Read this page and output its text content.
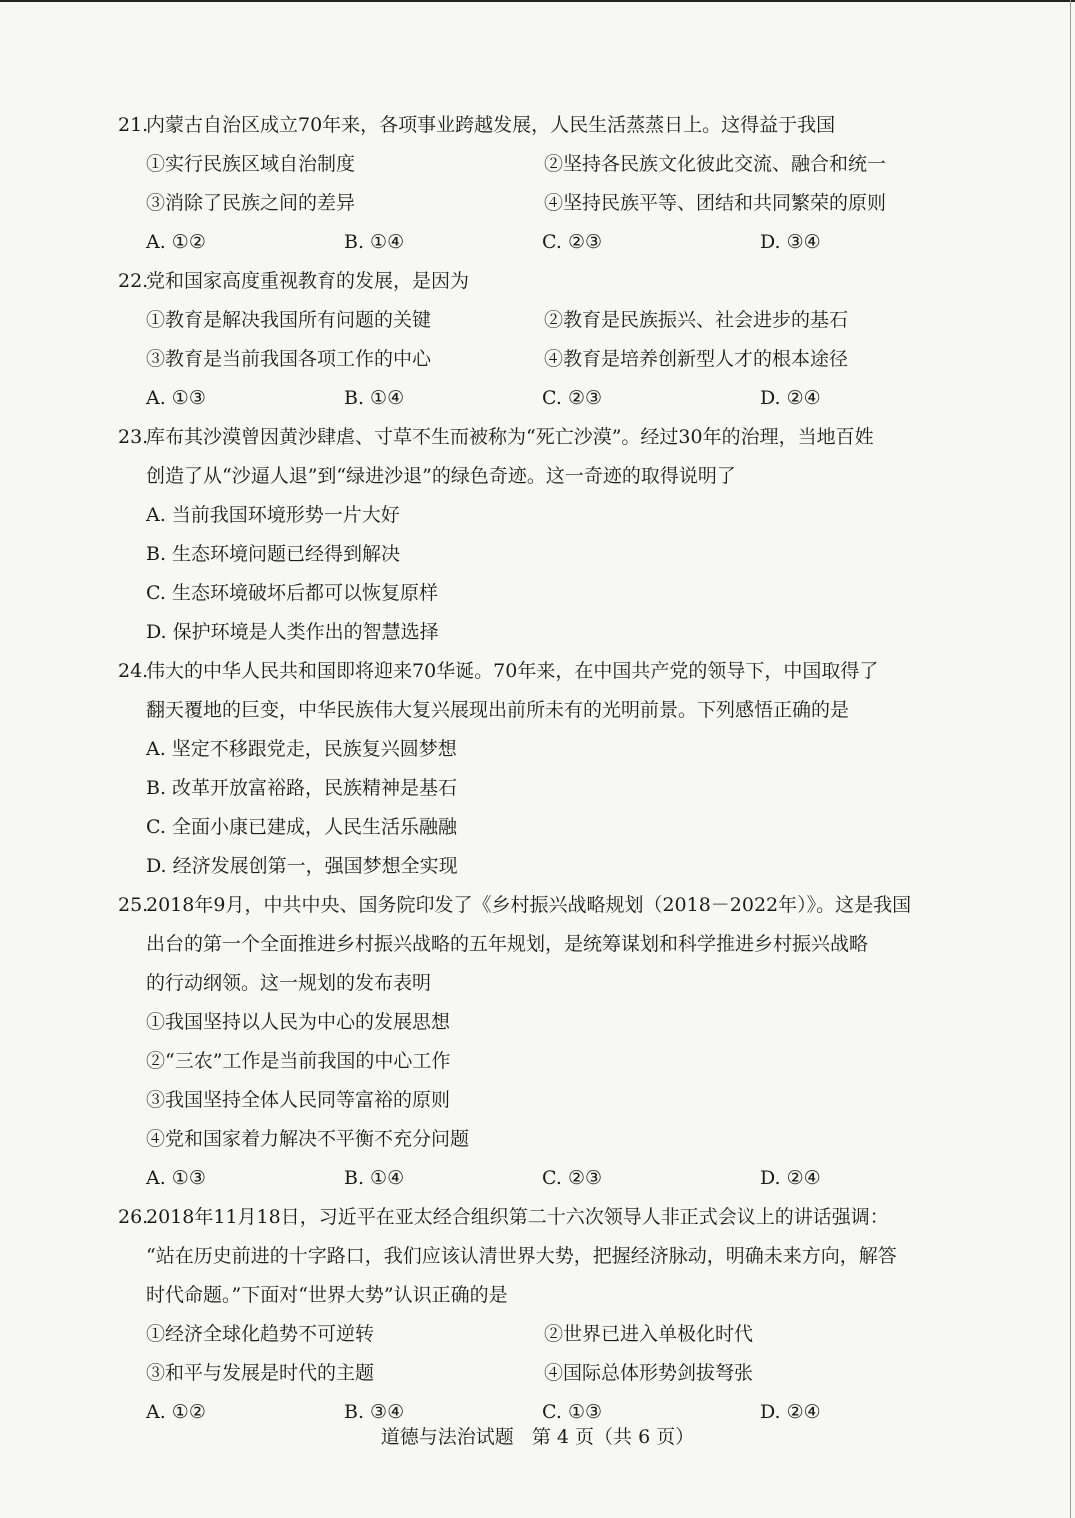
21.
内蒙古自治区成立70年来，各项事业跨越发展，人民生活蒸蒸日上。这得益于我国
①实行民族区域自治制度	②坚持各民族文化彼此交流、融合和统一
③消除了民族之间的差异	④坚持民族平等、团结和共同繁荣的原则
A. ①②	B. ①④	C. ②③	D. ③④
22.
党和国家高度重视教育的发展，是因为
①教育是解决我国所有问题的关键	②教育是民族振兴、社会进步的基石
③教育是当前我国各项工作的中心	④教育是培养创新型人才的根本途径
A. ①③	B. ①④	C. ②③	D. ②④
23.
库布其沙漠曾因黄沙肆虐、寸草不生而被称为“死亡沙漠”。经过30年的治理，当地百姓
创造了从“沙逼人退”到“绿进沙退”的绿色奇迹。这一奇迹的取得说明了
A. 当前我国环境形势一片大好
B. 生态环境问题已经得到解决
C. 生态环境破坏后都可以恢复原样
D. 保护环境是人类作出的智慧选择
24.
伟大的中华人民共和国即将迎来70华诞。70年来，在中国共产党的领导下，中国取得了
翻天覆地的巨变，中华民族伟大复兴展现出前所未有的光明前景。下列感悟正确的是
A. 坚定不移跟党走，民族复兴圆梦想
B. 改革开放富裕路，民族精神是基石
C. 全面小康已建成，人民生活乐融融
D. 经济发展创第一，强国梦想全实现
25.
2018年9月，中共中央、国务院印发了《乡村振兴战略规划（2018－2022年）》。这是我国
出台的第一个全面推进乡村振兴战略的五年规划，是统筹谋划和科学推进乡村振兴战略
的行动纲领。这一规划的发布表明
①我国坚持以人民为中心的发展思想
②“三农”工作是当前我国的中心工作
③我国坚持全体人民同等富裕的原则
④党和国家着力解决不平衡不充分问题
A. ①③	B. ①④	C. ②③	D. ②④
26.
2018年11月18日，习近平在亚太经合组织第二十六次领导人非正式会议上的讲话强调：
“站在历史前进的十字路口，我们应该认清世界大势，把握经济脉动，明确未来方向，解答
时代命题。”下面对“世界大势”认识正确的是
①经济全球化趋势不可逆转	②世界已进入单极化时代
③和平与发展是时代的主题	④国际总体形势剑拔弩张
A. ①②	B. ③④	C. ①③	D. ②④
道德与法治试题 第 4 页（共 6 页）
